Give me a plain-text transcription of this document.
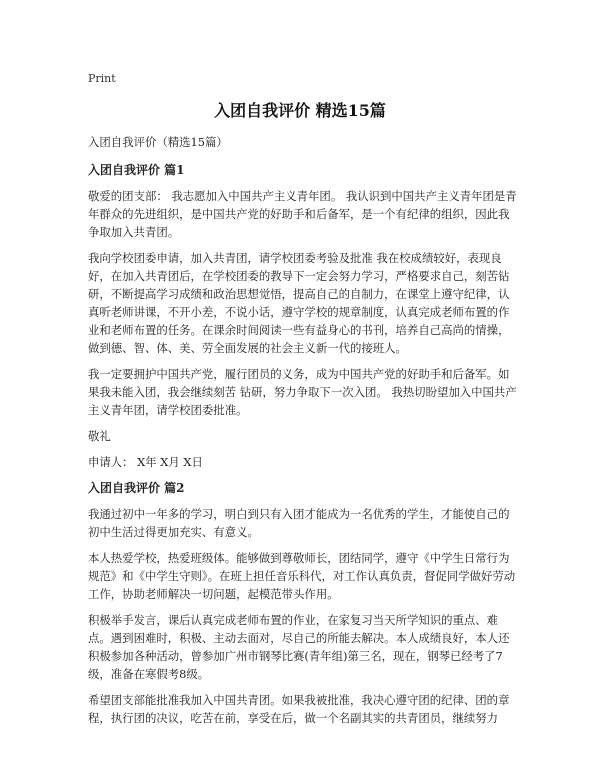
Print
入团自我评价 精选15篇

入团自我评价（精选15篇）

入团自我评价 篇1

敬爱的团支部： 我志愿加入中国共产主义青年团。 我认识到中国共产主义青年团是青年群众的先进组织，是中国共产党的好助手和后备军，是一个有纪律的组织，因此我争取加入共青团。

我向学校团委申请，加入共青团，请学校团委考验及批准 我在校成绩较好，表现良好，在加入共青团后，在学校团委的教导下一定会努力学习，严格要求自己，刻苦钻研，不断提高学习成绩和政治思想觉悟，提高自己的自制力，在课堂上遵守纪律，认真听老师讲课，不开小差，不说小话，遵守学校的规章制度，认真完成老师布置的作业和老师布置的任务。在课余时间阅读一些有益身心的书刊，培养自己高尚的情操，做到德、智、体、美、劳全面发展的社会主义新一代的接班人。

我一定要拥护中国共产党，履行团员的义务，成为中国共产党的好助手和后备军。如果我未能入团，我会继续刻苦 钻研，努力争取下一次入团。 我热切盼望加入中国共产主义青年团，请学校团委批准。

敬礼

申请人： X年 X月 X日

入团自我评价 篇2

我通过初中一年多的学习，明白到只有入团才能成为一名优秀的学生，才能使自己的初中生活过得更加充实、有意义。

本人热爱学校，热爱班级体。能够做到尊敬师长，团结同学，遵守《中学生日常行为规范》和《中学生守则》。在班上担任音乐科代，对工作认真负责，督促同学做好劳动工作，协助老师解决一切问题，起模范带头作用。

积极举手发言，课后认真完成老师布置的作业，在家复习当天所学知识的重点、难点。遇到困难时，积极、主动去面对，尽自己的所能去解决。本人成绩良好，本人还积极参加各种活动，曾参加广州市钢琴比赛(青年组)第三名，现在，钢琴已经考了7级，准备在寒假考8级。

希望团支部能批准我加入中国共青团。如果我被批准，我决心遵守团的纪律、团的章程，执行团的决议，吃苦在前，享受在后，做一个名副其实的共青团员，继续努力
